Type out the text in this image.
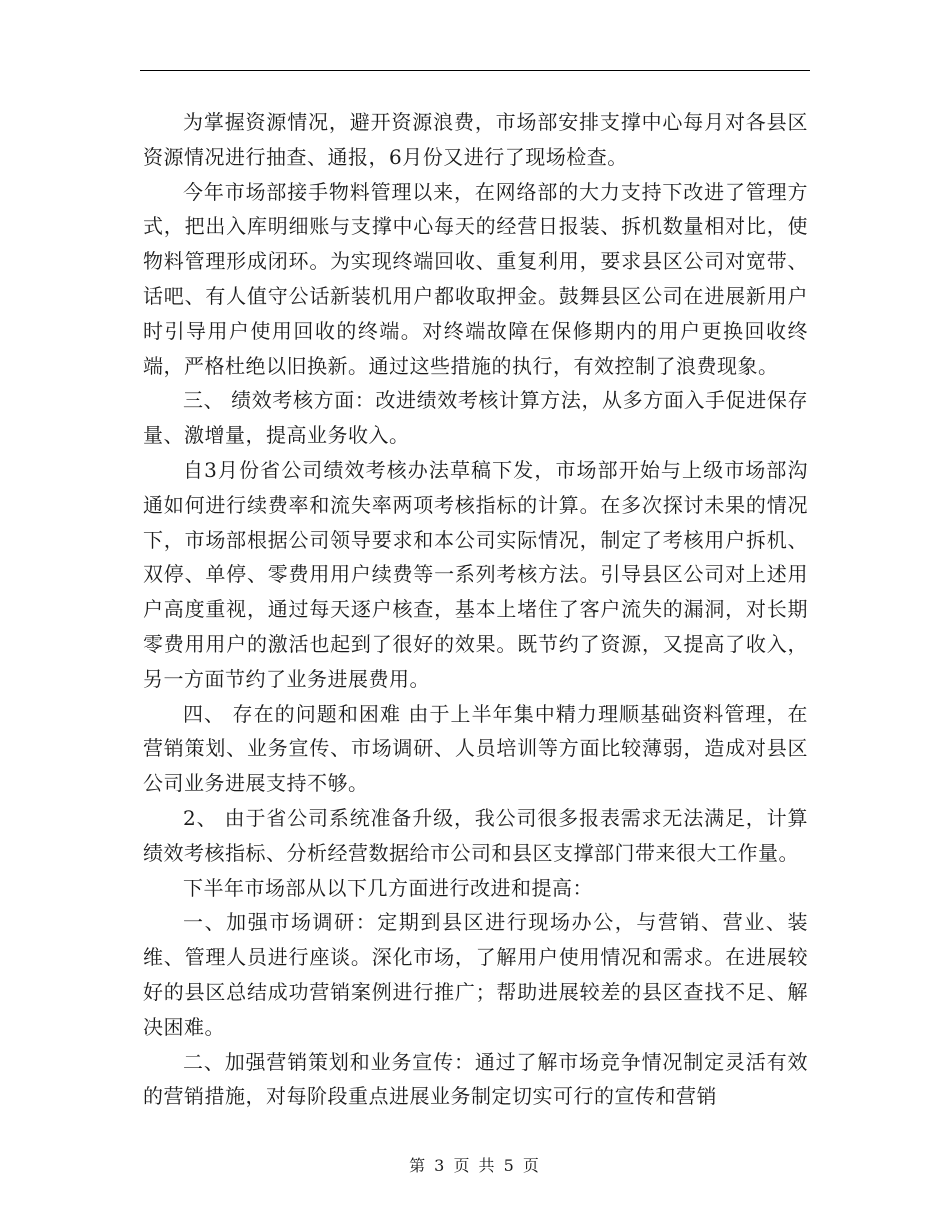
为掌握资源情况，避开资源浪费，市场部安排支撑中心每月对各县区资源情况进行抽查、通报，6月份又进行了现场检查。

今年市场部接手物料管理以来，在网络部的大力支持下改进了管理方式，把出入库明细账与支撑中心每天的经营日报装、拆机数量相对比，使物料管理形成闭环。为实现终端回收、重复利用，要求县区公司对宽带、话吧、有人值守公话新装机用户都收取押金。鼓舞县区公司在进展新用户时引导用户使用回收的终端。对终端故障在保修期内的用户更换回收终端，严格杜绝以旧换新。通过这些措施的执行，有效控制了浪费现象。

三、 绩效考核方面：改进绩效考核计算方法，从多方面入手促进保存量、激增量，提高业务收入。

自3月份省公司绩效考核办法草稿下发，市场部开始与上级市场部沟通如何进行续费率和流失率两项考核指标的计算。在多次探讨未果的情况下，市场部根据公司领导要求和本公司实际情况，制定了考核用户拆机、双停、单停、零费用用户续费等一系列考核方法。引导县区公司对上述用户高度重视，通过每天逐户核查，基本上堵住了客户流失的漏洞，对长期零费用用户的激活也起到了很好的效果。既节约了资源，又提高了收入，另一方面节约了业务进展费用。

四、 存在的问题和困难 由于上半年集中精力理顺基础资料管理，在营销策划、业务宣传、市场调研、人员培训等方面比较薄弱，造成对县区公司业务进展支持不够。

2、 由于省公司系统准备升级，我公司很多报表需求无法满足，计算绩效考核指标、分析经营数据给市公司和县区支撑部门带来很大工作量。

下半年市场部从以下几方面进行改进和提高：

一、加强市场调研：定期到县区进行现场办公，与营销、营业、装维、管理人员进行座谈。深化市场，了解用户使用情况和需求。在进展较好的县区总结成功营销案例进行推广；帮助进展较差的县区查找不足、解决困难。

二、加强营销策划和业务宣传：通过了解市场竞争情况制定灵活有效的营销措施，对每阶段重点进展业务制定切实可行的宣传和营销

第 3 页 共 5 页
